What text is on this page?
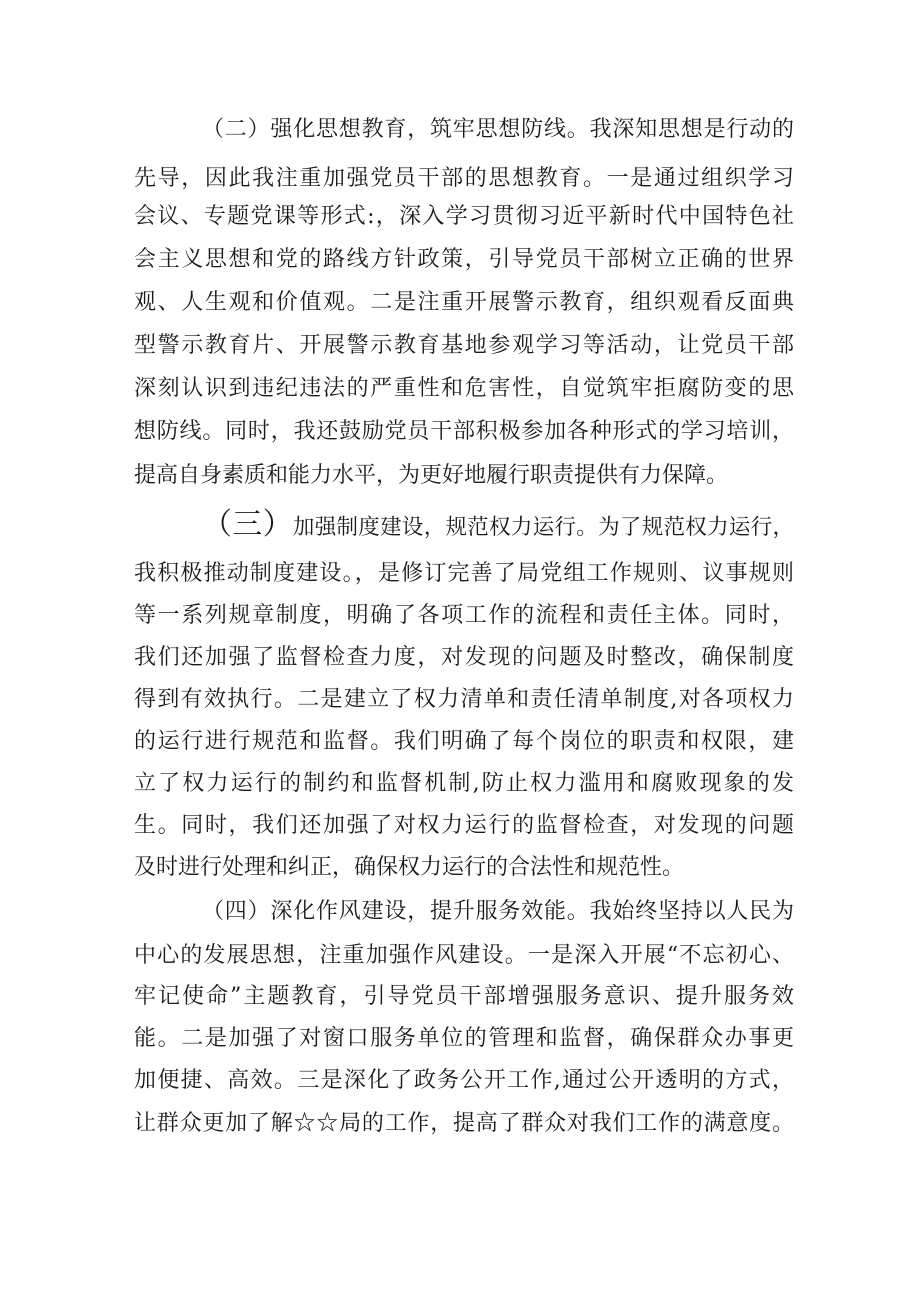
（二）强化思想教育，筑牢思想防线。我深知思想是行动的
先导，因此我注重加强党员干部的思想教育。一是通过组织学习
会议、专题党课等形式:，深入学习贯彻习近平新时代中国特色社
会主义思想和党的路线方针政策，引导党员干部树立正确的世界
观、人生观和价值观。二是注重开展警示教育，组织观看反面典
型警示教育片、开展警示教育基地参观学习等活动，让党员干部
深刻认识到违纪违法的严重性和危害性，自觉筑牢拒腐防变的思
想防线。同时，我还鼓励党员干部积极参加各种形式的学习培训，
提高自身素质和能力水平，为更好地履行职责提供有力保障。
（三）加强制度建设，规范权力运行。为了规范权力运行，
我积极推动制度建设。，是修订完善了局党组工作规则、议事规则
等一系列规章制度，明确了各项工作的流程和责任主体。同时，
我们还加强了监督检查力度，对发现的问题及时整改，确保制度
得到有效执行。二是建立了权力清单和责任清单制度,对各项权力
的运行进行规范和监督。我们明确了每个岗位的职责和权限，建
立了权力运行的制约和监督机制,防止权力滥用和腐败现象的发
生。同时，我们还加强了对权力运行的监督检查，对发现的问题
及时进行处理和纠正，确保权力运行的合法性和规范性。
（四）深化作风建设，提升服务效能。我始终坚持以人民为
中心的发展思想，注重加强作风建设。一是深入开展“不忘初心、
牢记使命”主题教育，引导党员干部增强服务意识、提升服务效
能。二是加强了对窗口服务单位的管理和监督，确保群众办事更
加便捷、高效。三是深化了政务公开工作,通过公开透明的方式，
让群众更加了解☆☆局的工作，提高了群众对我们工作的满意度。
